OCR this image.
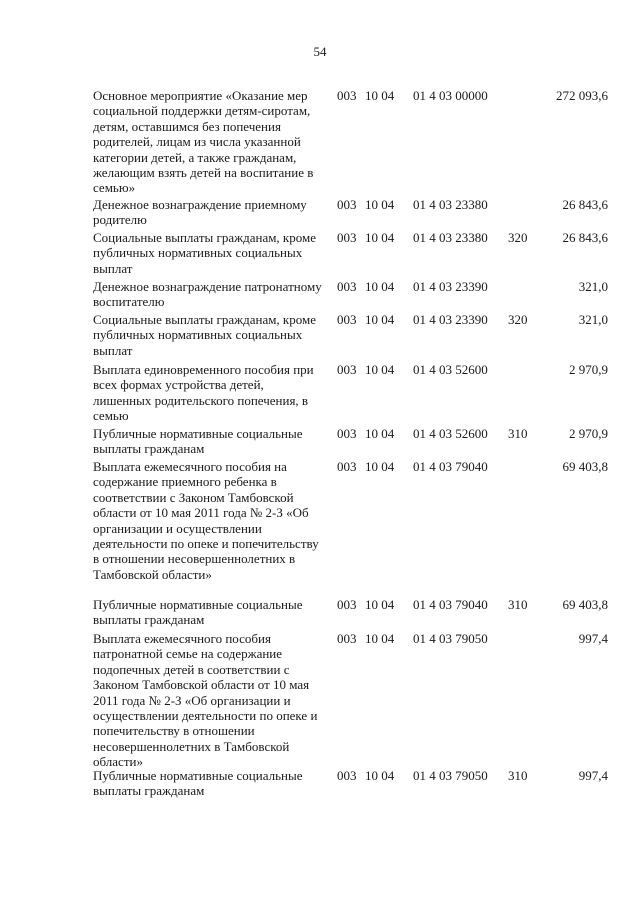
54
Основное мероприятие «Оказание мер социальной поддержки детям-сиротам, детям, оставшимся без попечения родителей, лицам из числа указанной категории детей, а также гражданам, желающим взять детей на воспитание в семью»
003 10 04 01 4 03 00000	272 093,6
Денежное вознаграждение приемному родителю
003 10 04 01 4 03 23380	26 843,6
Социальные выплаты гражданам, кроме публичных нормативных социальных выплат
003 10 04 01 4 03 23380 320	26 843,6
Денежное вознаграждение патронатному воспитателю
003 10 04 01 4 03 23390	321,0
Социальные выплаты гражданам, кроме публичных нормативных социальных выплат
003 10 04 01 4 03 23390 320	321,0
Выплата единовременного пособия при всех формах устройства детей, лишенных родительского попечения, в семью
003 10 04 01 4 03 52600	2 970,9
Публичные нормативные социальные выплаты гражданам
003 10 04 01 4 03 52600 310	2 970,9
Выплата ежемесячного пособия на содержание приемного ребенка в соответствии с Законом Тамбовской области от 10 мая 2011 года № 2-З «Об организации и осуществлении деятельности по опеке и попечительству в отношении несовершеннолетних в Тамбовской области»
003 10 04 01 4 03 79040	69 403,8
Публичные нормативные социальные выплаты гражданам
003 10 04 01 4 03 79040 310	69 403,8
Выплата ежемесячного пособия патронатной семье на содержание подопечных детей в соответствии с Законом Тамбовской области от 10 мая 2011 года № 2-З «Об организации и осуществлении деятельности по опеке и попечительству в отношении несовершеннолетних в Тамбовской области»
003 10 04 01 4 03 79050	997,4
Публичные нормативные социальные выплаты гражданам
003 10 04 01 4 03 79050 310	997,4
